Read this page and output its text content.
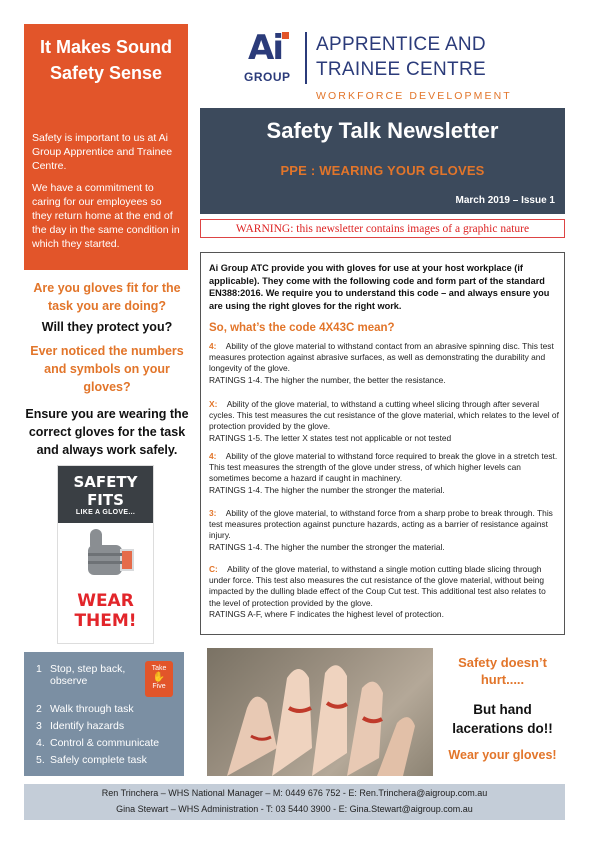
It Makes Sound Safety Sense

Safety is important to us at Ai Group Apprentice and Trainee Centre.

We have a commitment to caring for our employees so they return home at the end of the day in the same condition in which they started.

Are you gloves fit for the task you are doing?
Will they protect you?
Ever noticed the numbers and symbols on your gloves?
Ensure you are wearing the correct gloves for the task and always work safely.
SAFETY
FITS
LIKE A GLOVE...
WEAR
THEM!
Take
✋
Five
1 Stop, step back, observe
2 Walk through task
3 Identify hazards
4. Control & communicate
5. Safely complete task
Ai
GROUP
APPRENTICE AND
TRAINEE CENTRE
WORKFORCE DEVELOPMENT
Safety Talk Newsletter
PPE : WEARING YOUR GLOVES
March 2019 – Issue 1
WARNING: this newsletter contains images of a graphic nature
Ai Group ATC provide you with gloves for use at your host workplace (if applicable). They come with the following code and form part of the standard EN388:2016. We require you to understand this code – and always ensure you are using the right gloves for the right work.
So, what’s the code 4X43C mean?
4: Ability of the glove material to withstand contact from an abrasive spinning disc. This test measures protection against abrasive surfaces, as well as demonstrating the durability and longevity of the glove.
RATINGS 1-4. The higher the number, the better the resistance.
X: Ability of the glove material, to withstand a cutting wheel slicing through after several cycles. This test measures the cut resistance of the glove material, which relates to the level of protection provided by the glove.
RATINGS 1-5. The letter X states test not applicable or not tested
4: Ability of the glove material to withstand force required to break the glove in a stretch test. This test measures the strength of the glove under stress, of which higher levels can sometimes become a hazard if caught in machinery.
RATINGS 1-4. The higher the number the stronger the material.
3: Ability of the glove material, to withstand force from a sharp probe to break through. This test measures protection against puncture hazards, acting as a barrier of resistance against injury.
RATINGS 1-4. The higher the number the stronger the material.
C: Ability of the glove material, to withstand a single motion cutting blade slicing through under force. This test also measures the cut resistance of the glove material, without being impacted by the dulling blade effect of the Coup Cut test. This additional test also relates to the level of protection provided by the glove.
RATINGS A-F, where F indicates the highest level of protection.
Safety doesn’t hurt.....
But hand lacerations do!!
Wear your gloves!
Ren Trinchera – WHS National Manager – M: 0449 676 752 - E: Ren.Trinchera@aigroup.com.au
Gina Stewart – WHS Administration - T: 03 5440 3900 - E: Gina.Stewart@aigroup.com.au
